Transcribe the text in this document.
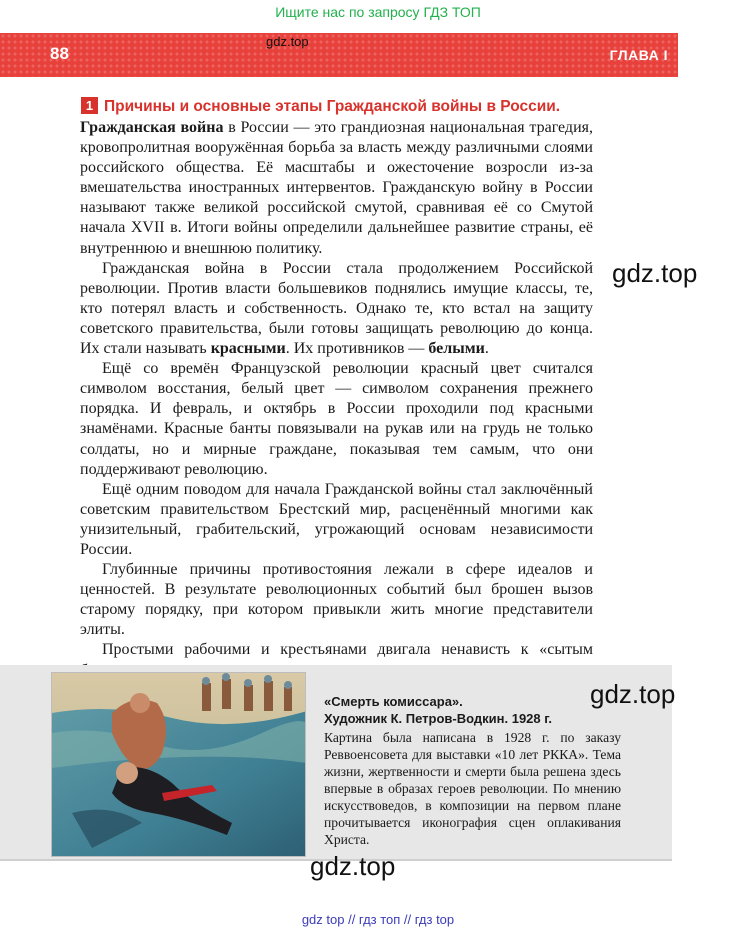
Ищите нас по запросу ГДЗ ТОП
88	ГЛАВА I
gdz.top
1 Причины и основные этапы Гражданской войны в России.

Гражданская война в России — это грандиозная национальная трагедия, кровопролитная вооружённая борьба за власть между различными слоями российского общества. Её масштабы и ожесточение возросли из-за вмешательства иностранных интервентов. Гражданскую войну в России называют также великой российской смутой, сравнивая её со Смутой начала XVII в. Итоги войны определили дальнейшее развитие страны, её внутреннюю и внешнюю политику.

Гражданская война в России стала продолжением Российской революции. Против власти большевиков поднялись имущие классы, те, кто потерял власть и собственность. Однако те, кто встал на защиту советского правительства, были готовы защищать революцию до конца. Их стали называть красными. Их противников — белыми.

Ещё со времён Французской революции красный цвет считался символом восстания, белый цвет — символом сохранения прежнего порядка. И февраль, и октябрь в России проходили под красными знамёнами. Красные банты повязывали на рукав или на грудь не только солдаты, но и мирные граждане, показывая тем самым, что они поддерживают революцию.

Ещё одним поводом для начала Гражданской войны стал заключённый советским правительством Брестский мир, расценённый многими как унизительный, грабительский, угрожающий основам независимости России.

Глубинные причины противостояния лежали в сфере идеалов и ценностей. В результате революционных событий был брошен вызов старому порядку, при котором привыкли жить многие представители элиты.

Простыми рабочими и крестьянами двигала ненависть к «сытым

gdz.top
«Смерть комиссара».
Художник К. Петров-Водкин. 1928 г.
Картина была написана в 1928 г. по заказу Реввоенсовета для выставки «10 лет РККА». Тема жизни, жертвенности и смерти была решена здесь впервые в образах героев революции. По мнению искусствоведов, в композиции на первом плане прочитывается иконография сцен оплакивания Христа.
gdz.top
gdz.top
gdz top // гдз топ // гдз top
